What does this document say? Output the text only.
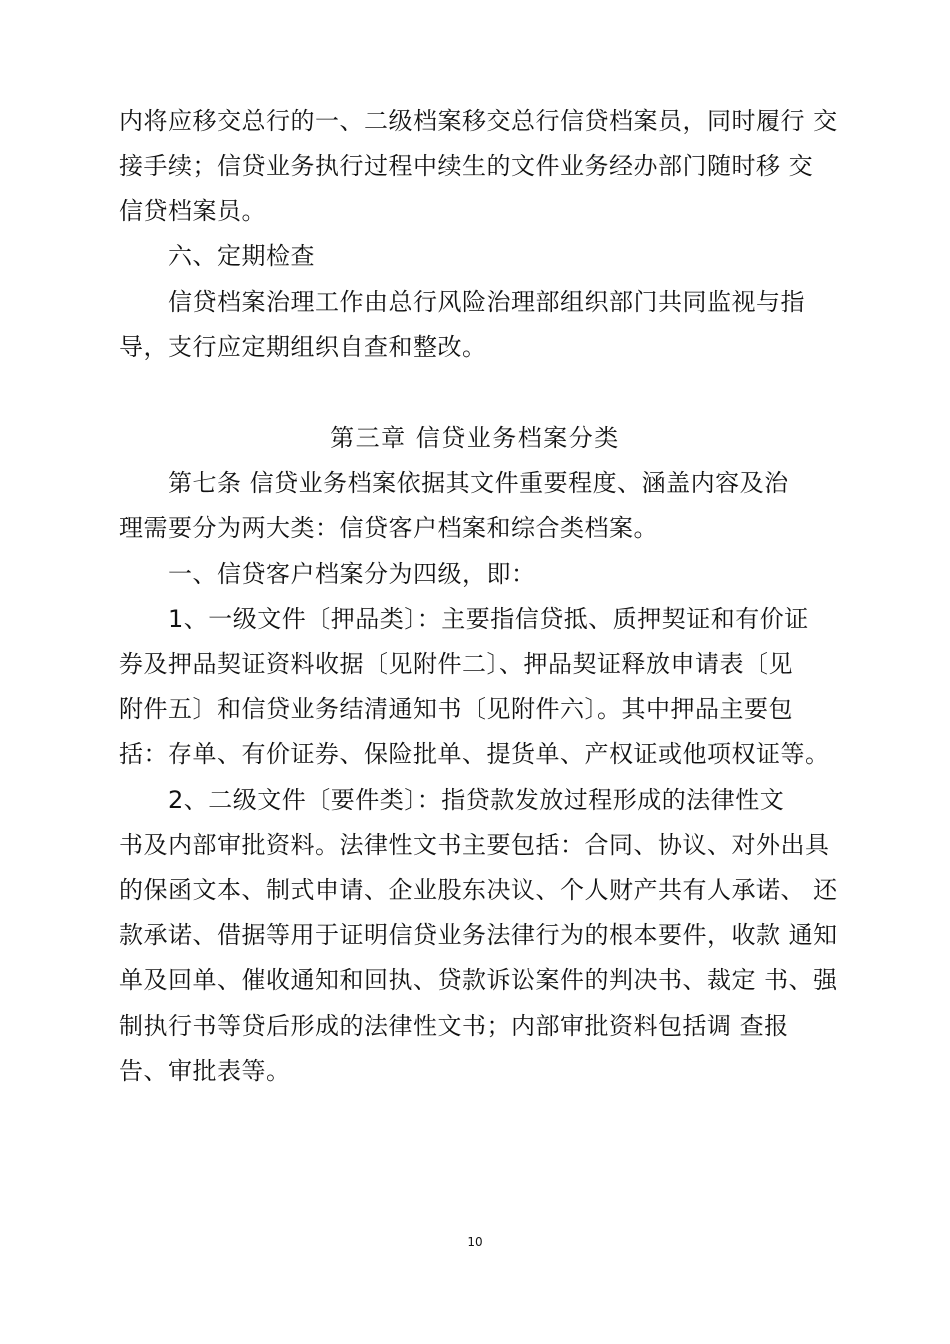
内将应移交总行的一、二级档案移交总行信贷档案员，同时履行 交
接手续；信贷业务执行过程中续生的文件业务经办部门随时移 交
信贷档案员。
六、定期检查
信贷档案治理工作由总行风险治理部组织部门共同监视与指
导，支行应定期组织自查和整改。
第三章 信贷业务档案分类
第七条 信贷业务档案依据其文件重要程度、涵盖内容及治
理需要分为两大类：信贷客户档案和综合类档案。
一、信贷客户档案分为四级，即：
1、一级文件〔押品类〕：主要指信贷抵、质押契证和有价证
券及押品契证资料收据〔见附件二〕、押品契证释放申请表〔见
附件五〕和信贷业务结清通知书〔见附件六〕。其中押品主要包
括：存单、有价证券、保险批单、提货单、产权证或他项权证等。
2、二级文件〔要件类〕：指贷款发放过程形成的法律性文
书及内部审批资料。法律性文书主要包括：合同、协议、对外出具
的保函文本、制式申请、企业股东决议、个人财产共有人承诺、 还
款承诺、借据等用于证明信贷业务法律行为的根本要件，收款 通知
单及回单、催收通知和回执、贷款诉讼案件的判决书、裁定 书、强
制执行书等贷后形成的法律性文书；内部审批资料包括调 查报
告、审批表等。
10
